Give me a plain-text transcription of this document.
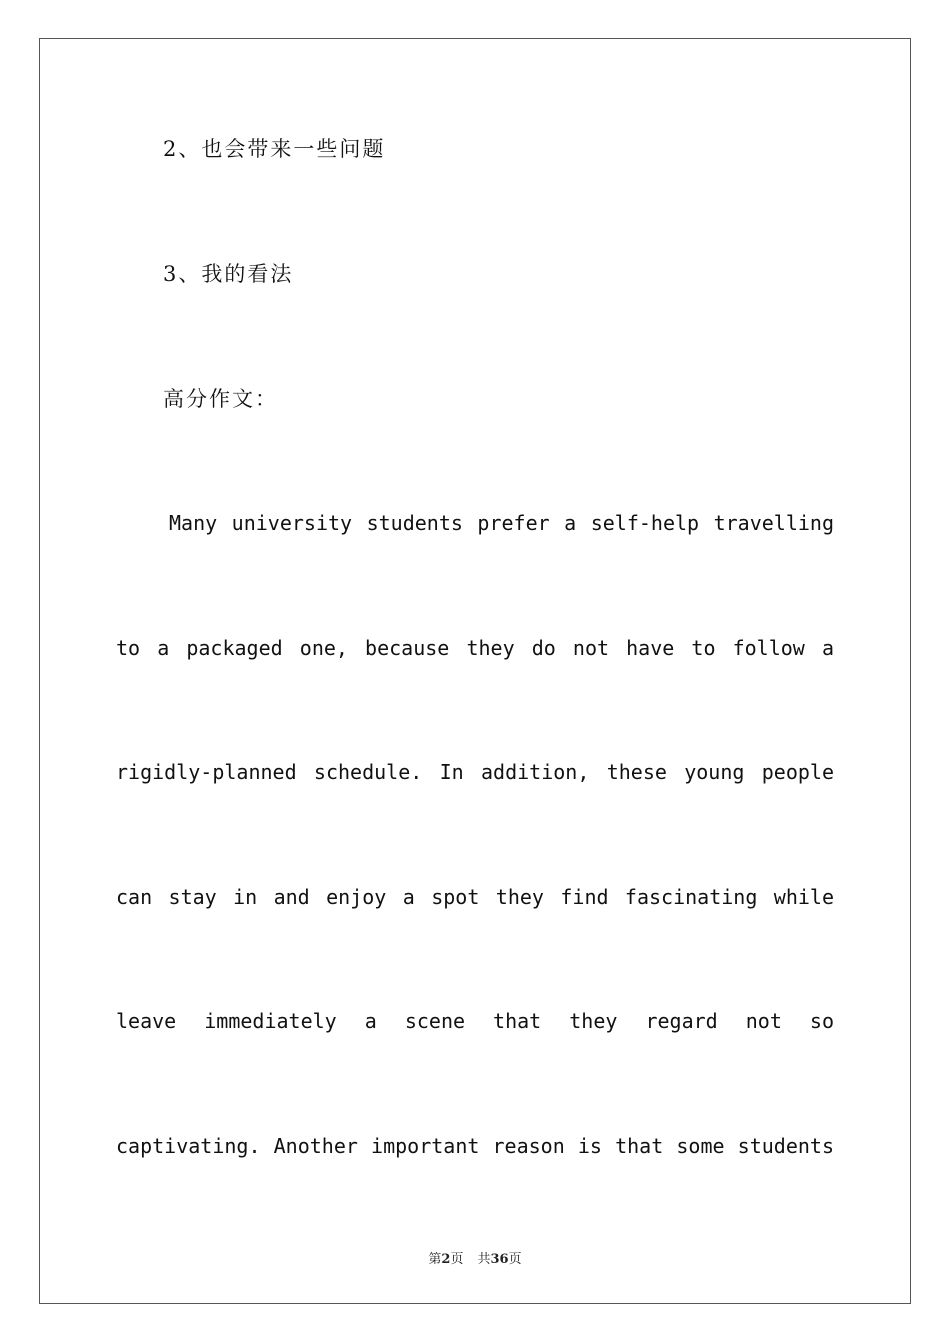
2、也会带来一些问题
3、我的看法
高分作文：
Many university students prefer a self-help travelling
to a packaged one, because they do not have to follow a
rigidly-planned schedule. In addition, these young people
can stay in and enjoy a spot they find fascinating while
leave immediately a scene that they regard not so
captivating. Another important reason is that some students
第2页 共36页
